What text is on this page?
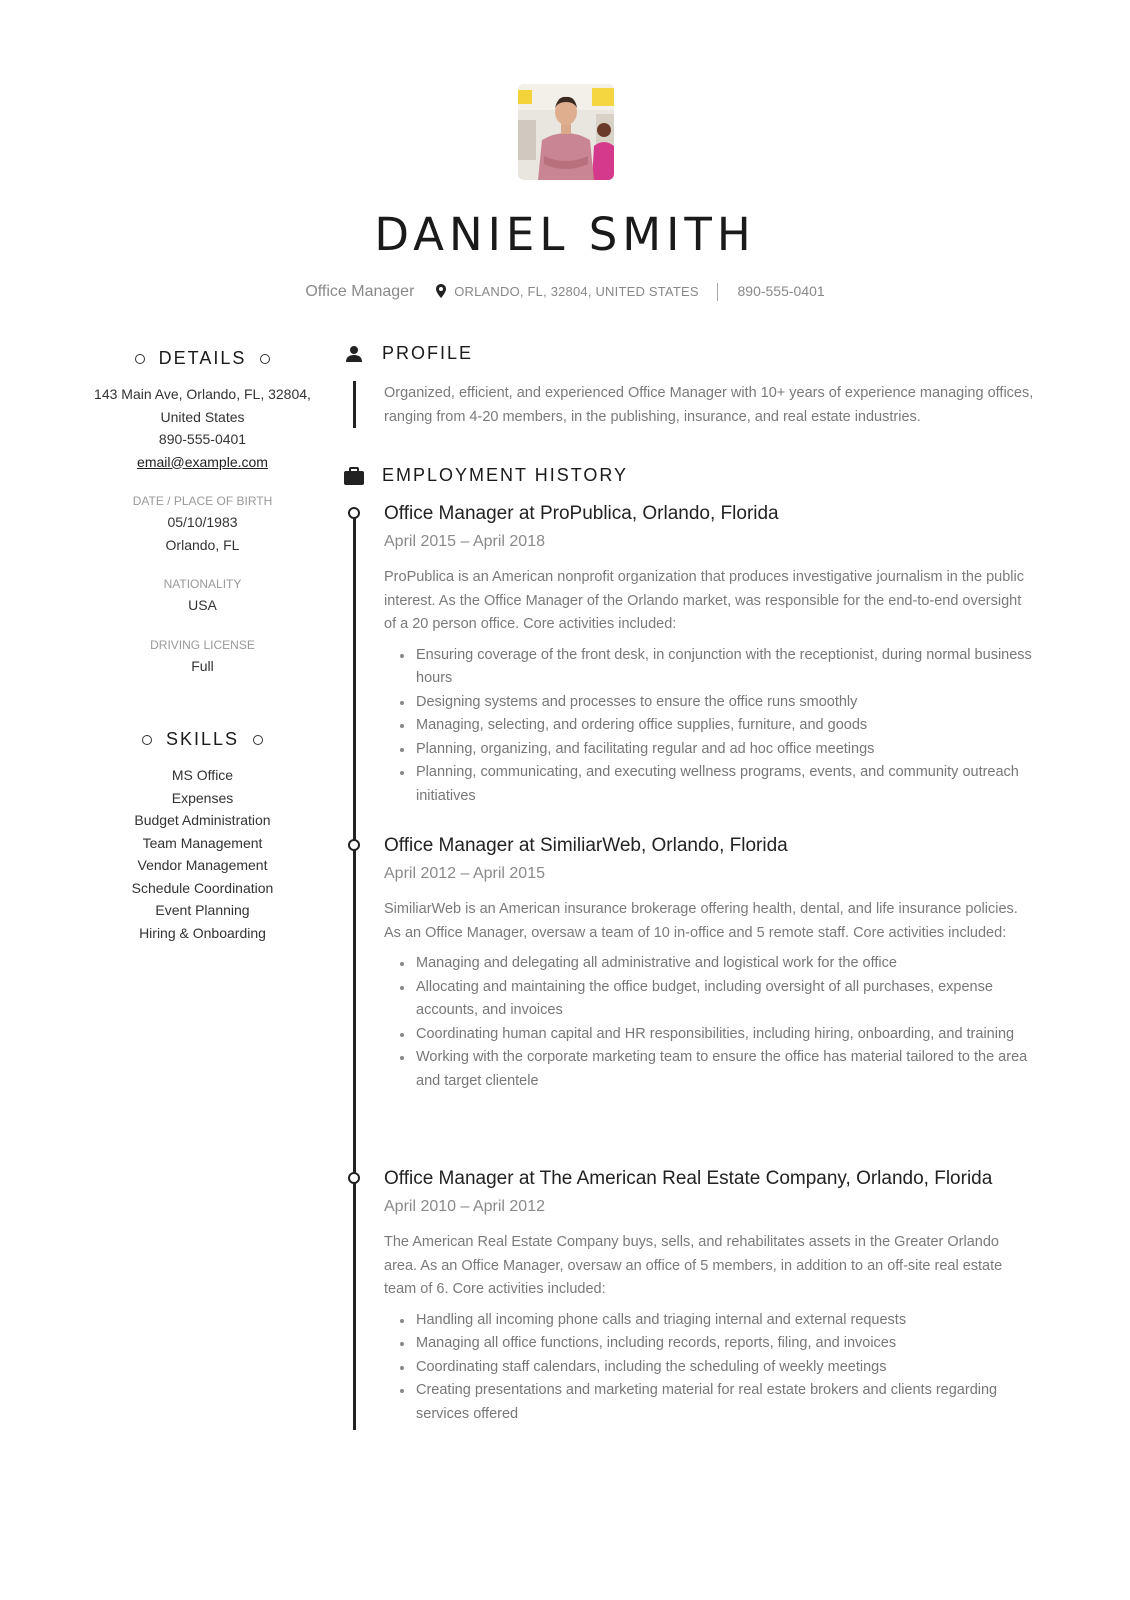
DANIEL SMITH
Office Manager	ORLANDO, FL, 32804, UNITED STATES	890-555-0401
DETAILS
143 Main Ave, Orlando, FL, 32804,
United States
890-555-0401
email@example.com
DATE / PLACE OF BIRTH
05/10/1983
Orlando, FL
NATIONALITY
USA
DRIVING LICENSE
Full
SKILLS
MS Office
Expenses
Budget Administration
Team Management
Vendor Management
Schedule Coordination
Event Planning
Hiring & Onboarding
PROFILE
Organized, efficient, and experienced Office Manager with 10+ years of experience managing offices, ranging from 4-20 members, in the publishing, insurance, and real estate industries.
EMPLOYMENT HISTORY
Office Manager at ProPublica, Orlando, Florida
April 2015 – April 2018
ProPublica is an American nonprofit organization that produces investigative journalism in the public interest. As the Office Manager of the Orlando market, was responsible for the end-to-end oversight of a 20 person office. Core activities included:
Ensuring coverage of the front desk, in conjunction with the receptionist, during normal business hours
Designing systems and processes to ensure the office runs smoothly
Managing, selecting, and ordering office supplies, furniture, and goods
Planning, organizing, and facilitating regular and ad hoc office meetings
Planning, communicating, and executing wellness programs, events, and community outreach initiatives
Office Manager at SimiliarWeb, Orlando, Florida
April 2012 – April 2015
SimiliarWeb is an American insurance brokerage offering health, dental, and life insurance policies. As an Office Manager, oversaw a team of 10 in-office and 5 remote staff. Core activities included:
Managing and delegating all administrative and logistical work for the office
Allocating and maintaining the office budget, including oversight of all purchases, expense accounts, and invoices
Coordinating human capital and HR responsibilities, including hiring, onboarding, and training
Working with the corporate marketing team to ensure the office has material tailored to the area and target clientele
Office Manager at The American Real Estate Company, Orlando, Florida
April 2010 – April 2012
The American Real Estate Company buys, sells, and rehabilitates assets in the Greater Orlando area. As an Office Manager, oversaw an office of 5 members, in addition to an off-site real estate team of 6. Core activities included:
Handling all incoming phone calls and triaging internal and external requests
Managing all office functions, including records, reports, filing, and invoices
Coordinating staff calendars, including the scheduling of weekly meetings
Creating presentations and marketing material for real estate brokers and clients regarding services offered
